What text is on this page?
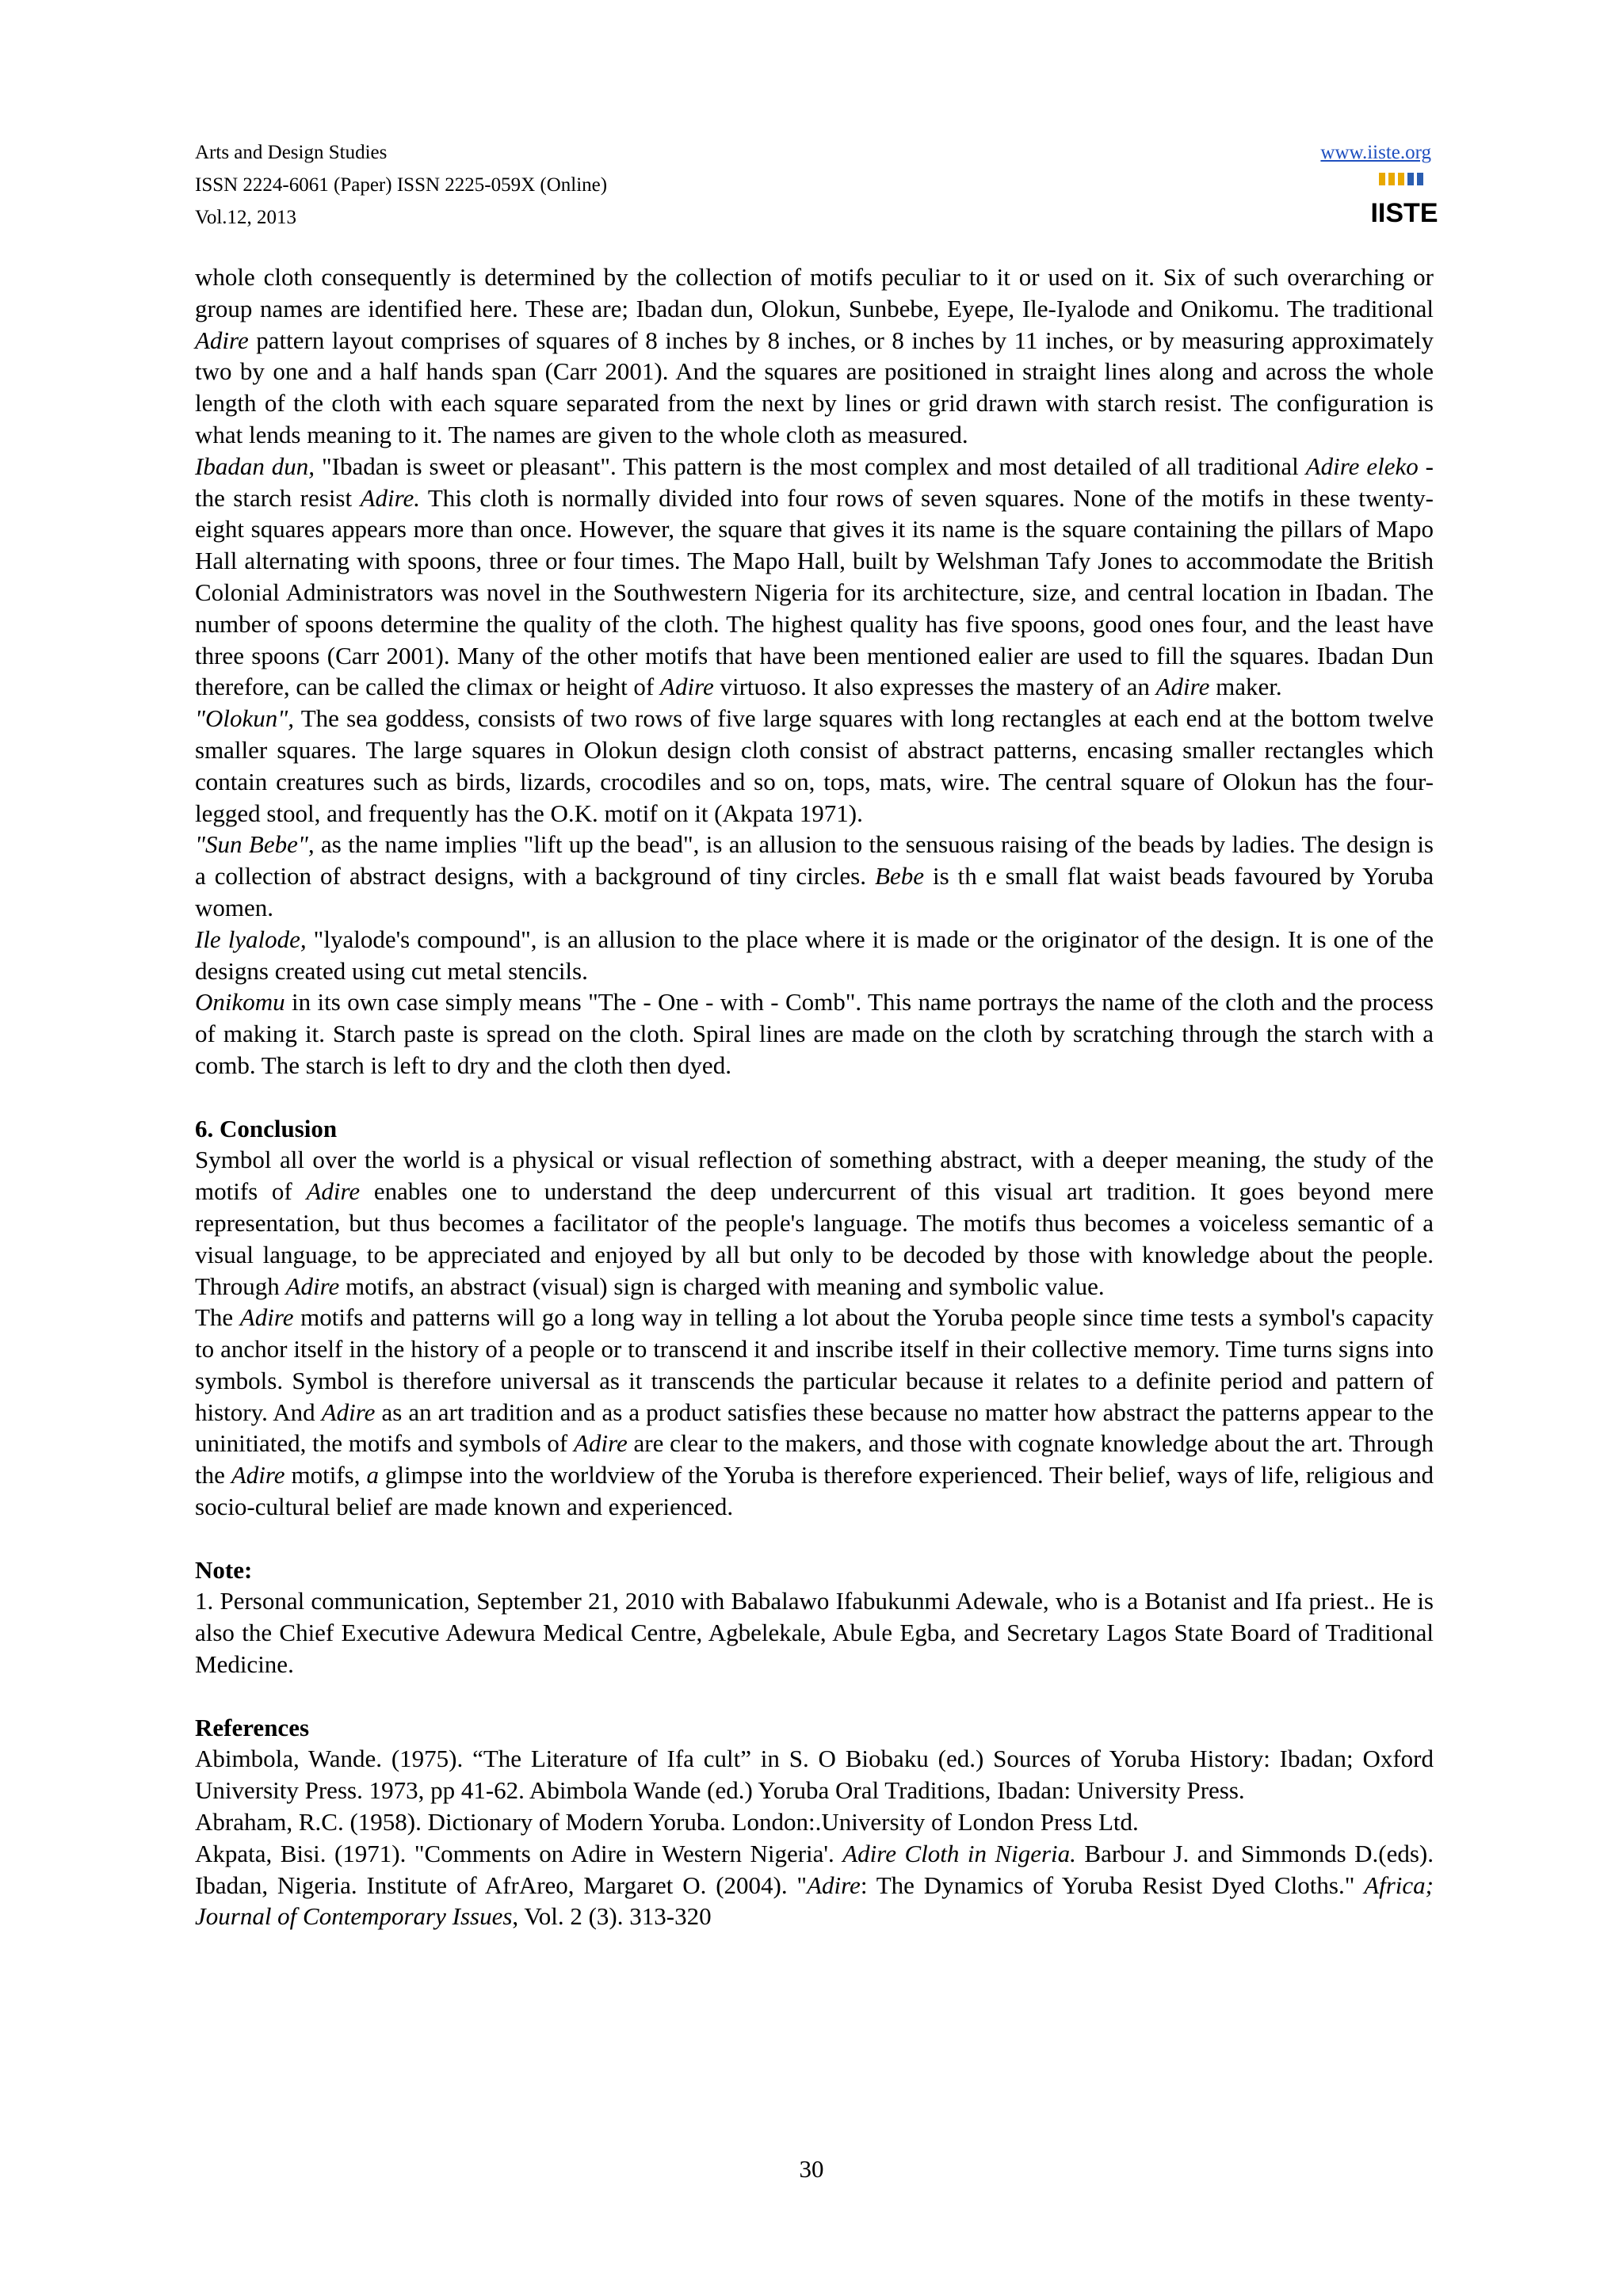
Arts and Design Studies
ISSN 2224-6061 (Paper) ISSN 2225-059X (Online)
Vol.12, 2013
www.iiste.org
IISTE

whole cloth consequently is determined by the collection of motifs peculiar to it or used on it. Six of such overarching or group names are identified here. These are; Ibadan dun, Olokun, Sunbebe, Eyepe, Ile-Iyalode and Onikomu. The traditional Adire pattern layout comprises of squares of 8 inches by 8 inches, or 8 inches by 11 inches, or by measuring approximately two by one and a half hands span (Carr 2001). And the squares are positioned in straight lines along and across the whole length of the cloth with each square separated from the next by lines or grid drawn with starch resist. The configuration is what lends meaning to it. The names are given to the whole cloth as measured.

Ibadan dun, "Ibadan is sweet or pleasant". This pattern is the most complex and most detailed of all traditional Adire eleko - the starch resist Adire. This cloth is normally divided into four rows of seven squares. None of the motifs in these twenty-eight squares appears more than once. However, the square that gives it its name is the square containing the pillars of Mapo Hall alternating with spoons, three or four times. The Mapo Hall, built by Welshman Tafy Jones to accommodate the British Colonial Administrators was novel in the Southwestern Nigeria for its architecture, size, and central location in Ibadan. The number of spoons determine the quality of the cloth. The highest quality has five spoons, good ones four, and the least have three spoons (Carr 2001). Many of the other motifs that have been mentioned ealier are used to fill the squares. Ibadan Dun therefore, can be called the climax or height of Adire virtuoso. It also expresses the mastery of an Adire maker.

"Olokun", The sea goddess, consists of two rows of five large squares with long rectangles at each end at the bottom twelve smaller squares. The large squares in Olokun design cloth consist of abstract patterns, encasing smaller rectangles which contain creatures such as birds, lizards, crocodiles and so on, tops, mats, wire. The central square of Olokun has the four-legged stool, and frequently has the O.K. motif on it (Akpata 1971).

"Sun Bebe", as the name implies "lift up the bead", is an allusion to the sensuous raising of the beads by ladies. The design is a collection of abstract designs, with a background of tiny circles. Bebe is th e small flat waist beads favoured by Yoruba women.

Ile lyalode, "lyalode's compound", is an allusion to the place where it is made or the originator of the design. It is one of the designs created using cut metal stencils.

Onikomu in its own case simply means "The - One - with - Comb". This name portrays the name of the cloth and the process of making it. Starch paste is spread on the cloth. Spiral lines are made on the cloth by scratching through the starch with a comb. The starch is left to dry and the cloth then dyed.

6. Conclusion

Symbol all over the world is a physical or visual reflection of something abstract, with a deeper meaning, the study of the motifs of Adire enables one to understand the deep undercurrent of this visual art tradition. It goes beyond mere representation, but thus becomes a facilitator of the people's language. The motifs thus becomes a voiceless semantic of a visual language, to be appreciated and enjoyed by all but only to be decoded by those with knowledge about the people. Through Adire motifs, an abstract (visual) sign is charged with meaning and symbolic value.

The Adire motifs and patterns will go a long way in telling a lot about the Yoruba people since time tests a symbol's capacity to anchor itself in the history of a people or to transcend it and inscribe itself in their collective memory. Time turns signs into symbols. Symbol is therefore universal as it transcends the particular because it relates to a definite period and pattern of history. And Adire as an art tradition and as a product satisfies these because no matter how abstract the patterns appear to the uninitiated, the motifs and symbols of Adire are clear to the makers, and those with cognate knowledge about the art. Through the Adire motifs, a glimpse into the worldview of the Yoruba is therefore experienced. Their belief, ways of life, religious and socio-cultural belief are made known and experienced.

Note:

1. Personal communication, September 21, 2010 with Babalawo Ifabukunmi Adewale, who is a Botanist and Ifa priest.. He is also the Chief Executive Adewura Medical Centre, Agbelekale, Abule Egba, and Secretary Lagos State Board of Traditional Medicine.

References

Abimbola, Wande. (1975). “The Literature of Ifa cult” in S. O Biobaku (ed.) Sources of Yoruba History: Ibadan; Oxford University Press. 1973, pp 41-62. Abimbola Wande (ed.) Yoruba Oral Traditions, Ibadan: University Press.

Abraham, R.C. (1958). Dictionary of Modern Yoruba. London:.University of London Press Ltd.

Akpata, Bisi. (1971). "Comments on Adire in Western Nigeria'. Adire Cloth in Nigeria. Barbour J. and Simmonds D.(eds). Ibadan, Nigeria. Institute of AfrAreo, Margaret O. (2004). "Adire: The Dynamics of Yoruba Resist Dyed Cloths." Africa; Journal of Contemporary Issues, Vol. 2 (3). 313-320

30
